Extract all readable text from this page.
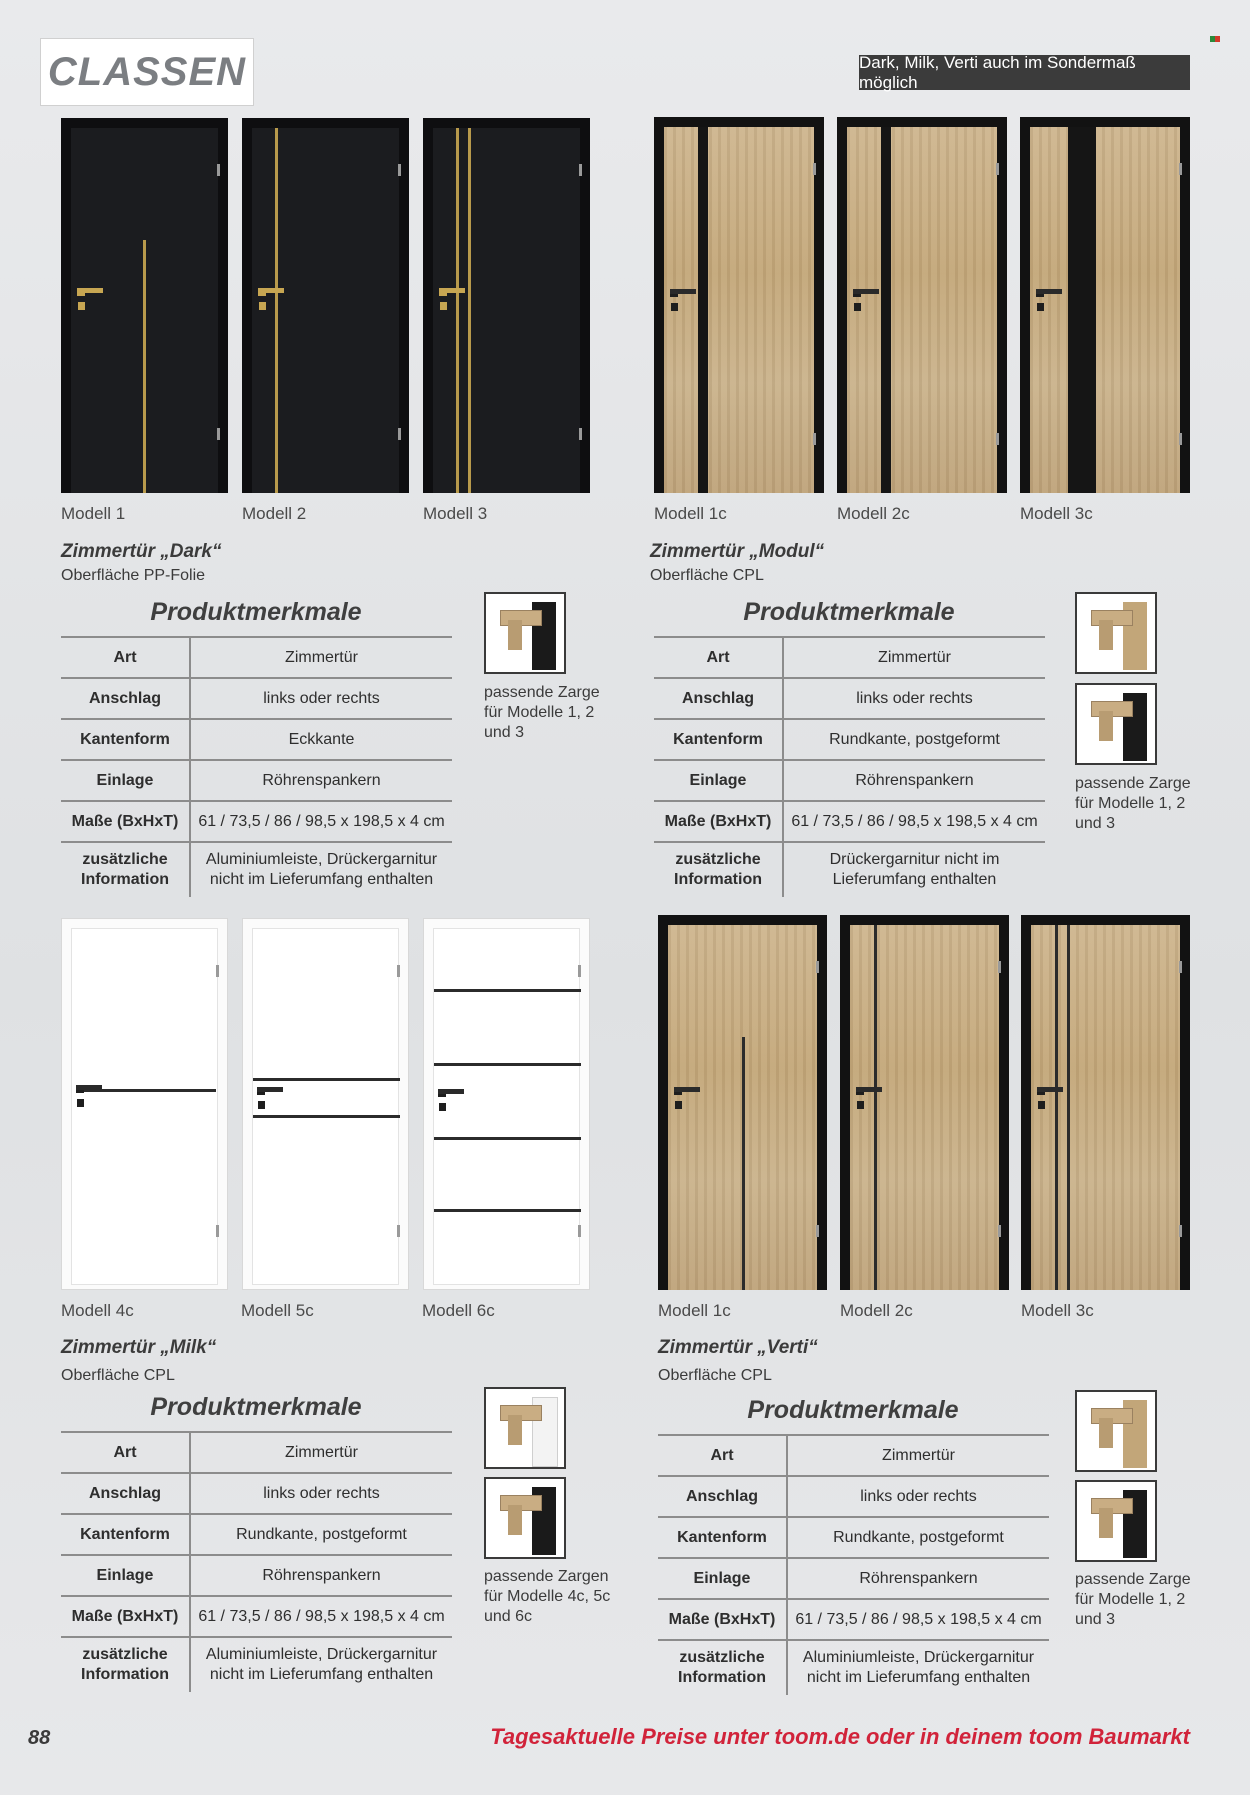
CLASSEN	Dark, Milk, Verti auch im Sondermaß möglich
Modell 1	Modell 2	Modell 3
Zimmertür „Dark“
Oberfläche PP-Folie
Produktmerkmale
Art	Zimmertür
Anschlag	links oder rechts
Kantenform	Eckkante
Einlage	Röhrenspankern
Maße (BxHxT)	61 / 73,5 / 86 / 98,5 x 198,5 x 4 cm
zusätzliche Information	Aluminiumleiste, Drückergarnitur nicht im Lieferumfang enthalten
passende Zarge für Modelle 1, 2 und 3
Modell 1c	Modell 2c	Modell 3c
Zimmertür „Modul“
Oberfläche CPL
Produktmerkmale
Art	Zimmertür
Anschlag	links oder rechts
Kantenform	Rundkante, postgeformt
Einlage	Röhrenspankern
Maße (BxHxT)	61 / 73,5 / 86 / 98,5 x 198,5 x 4 cm
zusätzliche Information	Drückergarnitur nicht im Lieferumfang enthalten
passende Zarge für Modelle 1, 2 und 3
Modell 4c	Modell 5c	Modell 6c
Zimmertür „Milk“
Oberfläche CPL
Produktmerkmale
Art	Zimmertür
Anschlag	links oder rechts
Kantenform	Rundkante, postgeformt
Einlage	Röhrenspankern
Maße (BxHxT)	61 / 73,5 / 86 / 98,5 x 198,5 x 4 cm
zusätzliche Information	Aluminiumleiste, Drückergarnitur nicht im Lieferumfang enthalten
passende Zargen für Modelle 4c, 5c und 6c
Modell 1c	Modell 2c	Modell 3c
Zimmertür „Verti“
Oberfläche CPL
Produktmerkmale
Art	Zimmertür
Anschlag	links oder rechts
Kantenform	Rundkante, postgeformt
Einlage	Röhrenspankern
Maße (BxHxT)	61 / 73,5 / 86 / 98,5 x 198,5 x 4 cm
zusätzliche Information	Aluminiumleiste, Drückergarnitur nicht im Lieferumfang enthalten
passende Zarge für Modelle 1, 2 und 3
88	Tagesaktuelle Preise unter toom.de oder in deinem toom Baumarkt
